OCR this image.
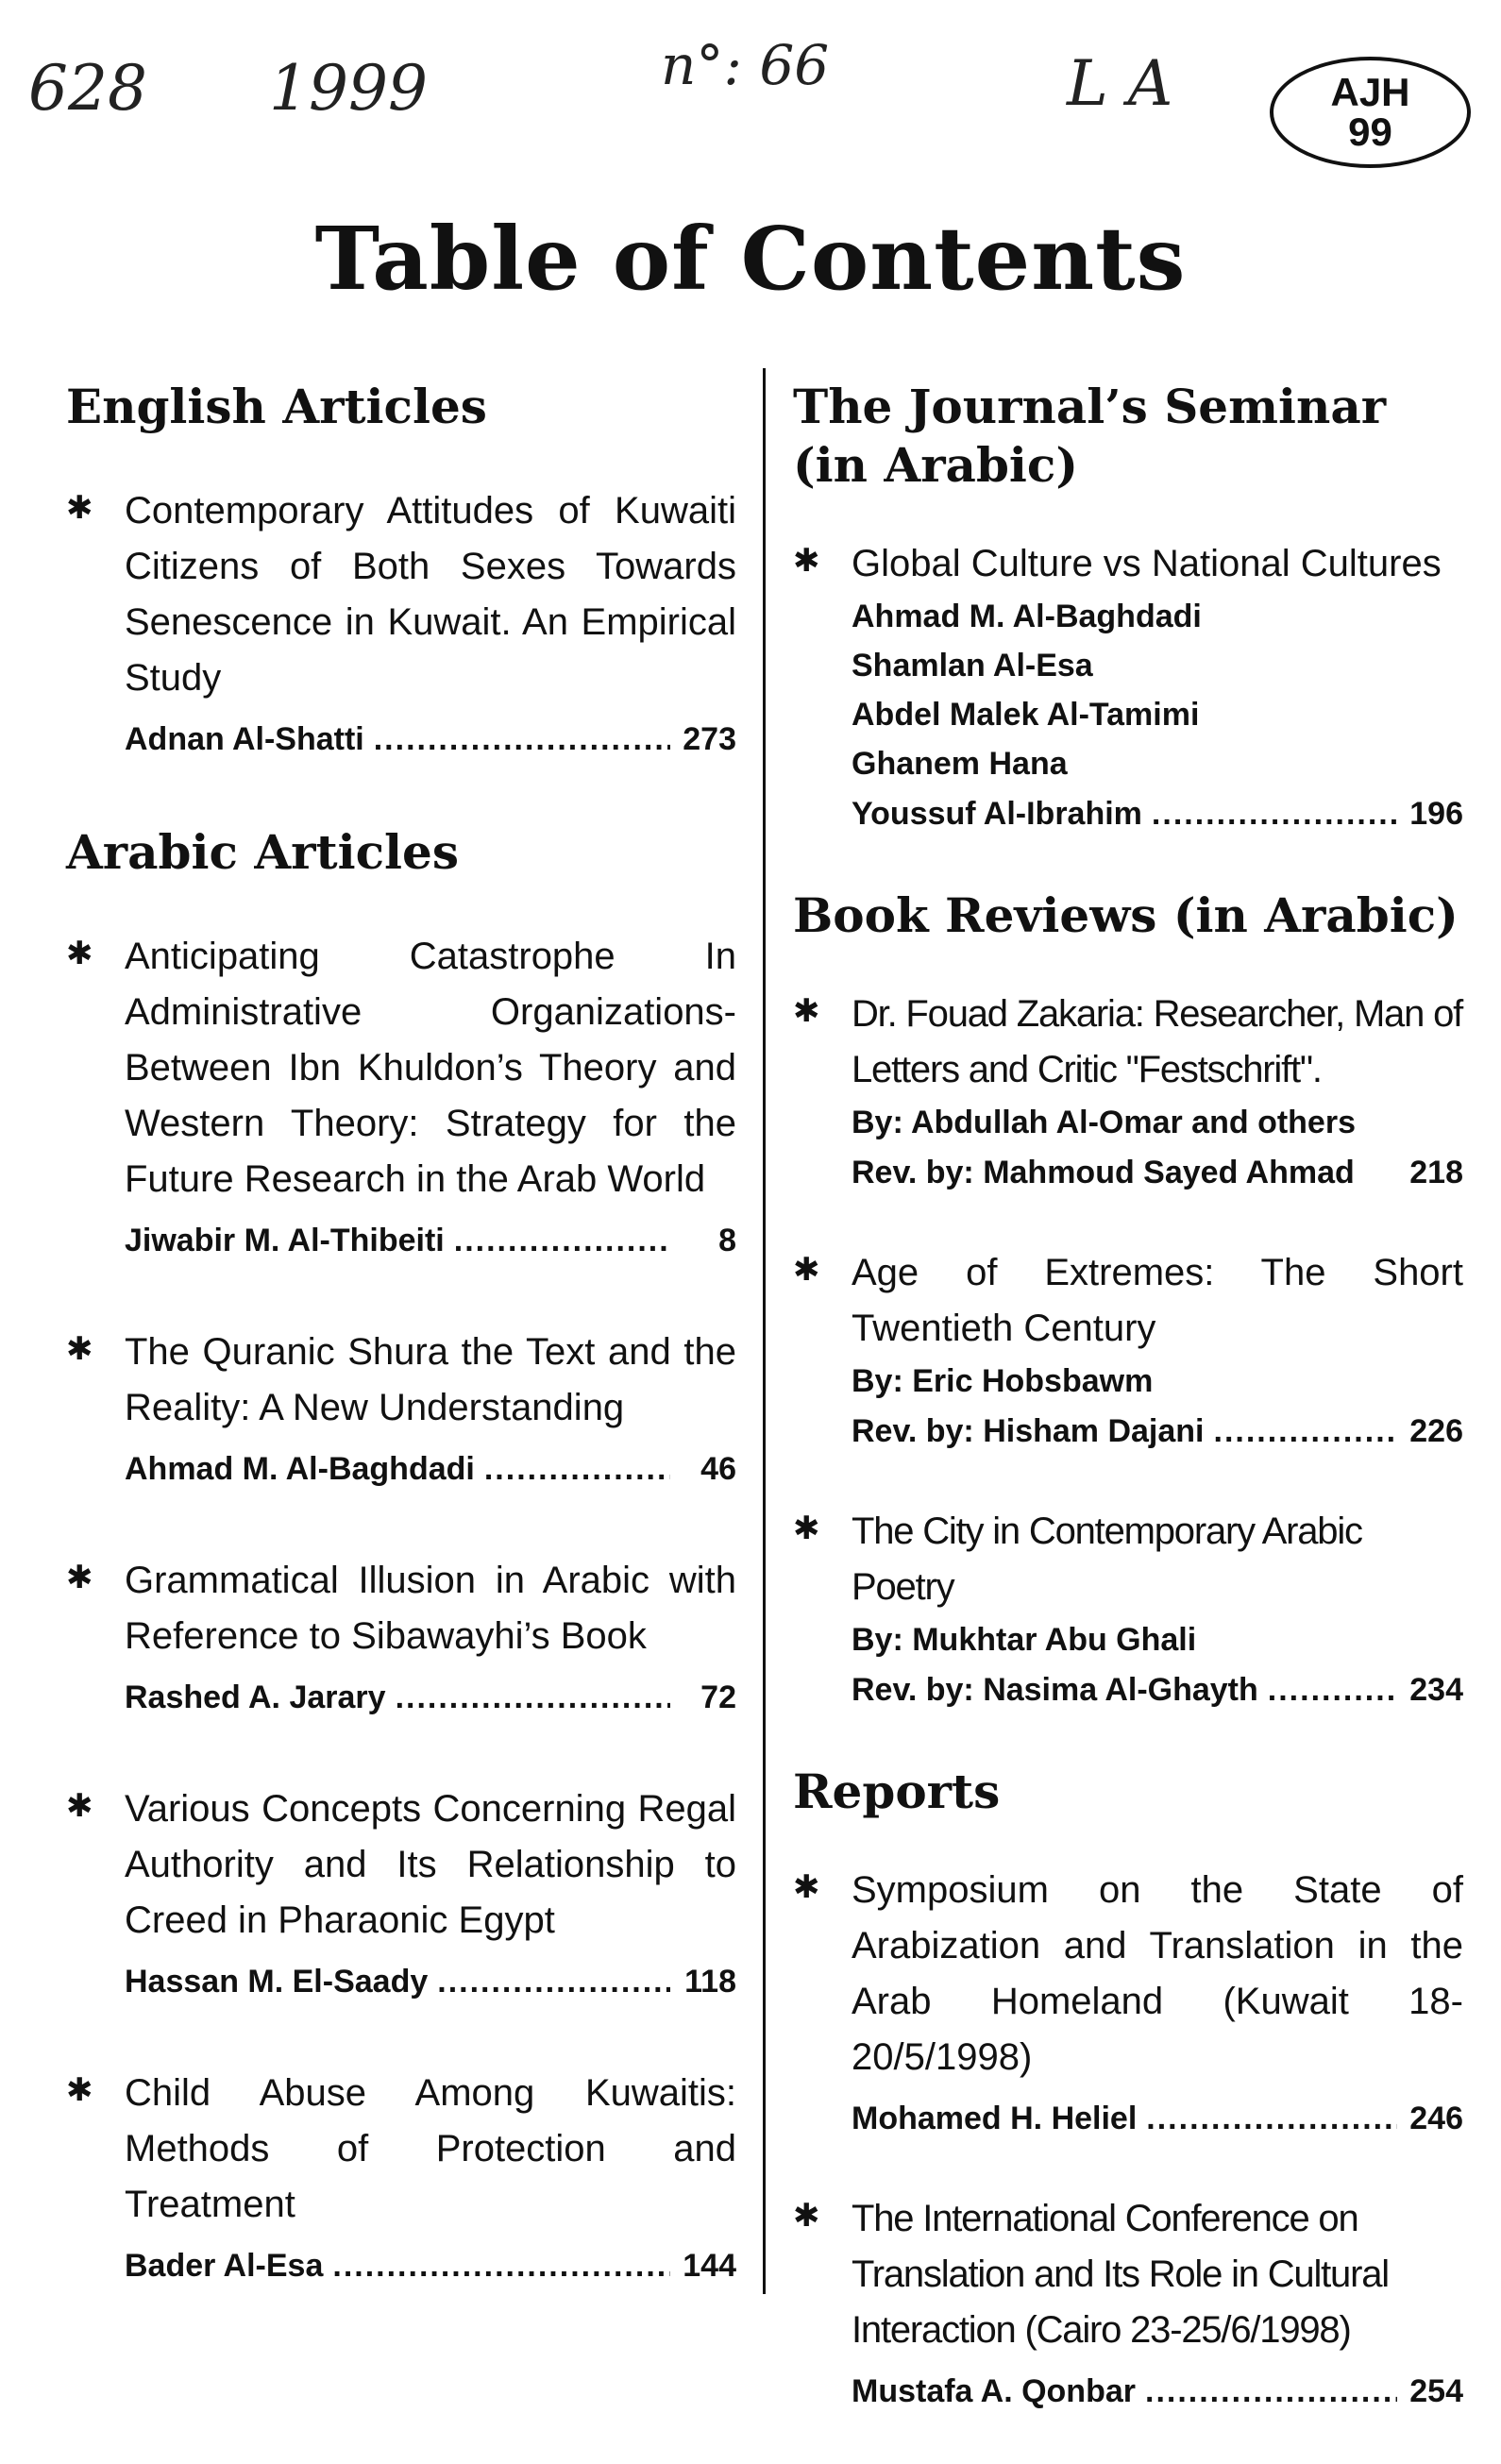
628 1999	n°: 66	L A	AJH
99
Table of Contents
English Articles
✱ Contemporary Attitudes of Kuwaiti Citizens of Both Sexes Towards Senescence in Kuwait. An Empirical Study
Adnan Al-Shatti .....	273
Arabic Articles
✱ Anticipating Catastrophe In Administrative Organizations-Between Ibn Khuldon’s Theory and Western Theory: Strategy for the Future Research in the Arab World
Jiwabir M. Al-Thibeiti .....	8
✱ The Quranic Shura the Text and the Reality: A New Understanding
Ahmad M. Al-Baghdadi .....	46
✱ Grammatical Illusion in Arabic with Reference to Sibawayhi’s Book
Rashed A. Jarary .....	72
✱ Various Concepts Concerning Regal Authority and Its Relationship to Creed in Pharaonic Egypt
Hassan M. El-Saady .....	118
✱ Child Abuse Among Kuwaitis: Methods of Protection and Treatment
Bader Al-Esa .....	144
The Journal’s Seminar (in Arabic)
✱ Global Culture vs National Cultures
Ahmad M. Al-Baghdadi
Shamlan Al-Esa
Abdel Malek Al-Tamimi
Ghanem Hana
Youssuf Al-Ibrahim .....	196
Book Reviews (in Arabic)
✱ Dr. Fouad Zakaria: Researcher, Man of Letters and Critic "Festschrift".
By: Abdullah Al-Omar and others
Rev. by: Mahmoud Sayed Ahmad 218
✱ Age of Extremes: The Short Twentieth Century
By: Eric Hobsbawm
Rev. by: Hisham Dajani .....	226
✱ The City in Contemporary Arabic Poetry
By: Mukhtar Abu Ghali
Rev. by: Nasima Al-Ghayth .....	234
Reports
✱ Symposium on the State of Arabization and Translation in the Arab Homeland (Kuwait 18-20/5/1998)
Mohamed H. Heliel .....	246
✱ The International Conference on Translation and Its Role in Cultural Interaction (Cairo 23-25/6/1998)
Mustafa A. Qonbar .....	254
